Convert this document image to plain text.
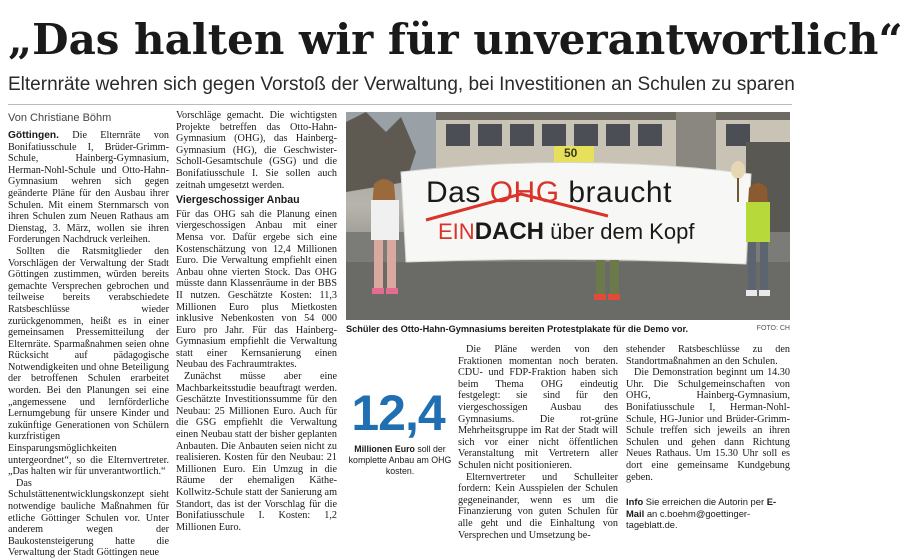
„Das halten wir für unverantwortlich“
Elternräte wehren sich gegen Vorstoß der Verwaltung, bei Investitionen an Schulen zu sparen
Von Christiane Böhm

Göttingen. Die Elternräte von Bonifatiusschule I, Brüder-Grimm-Schule, Hainberg-Gymnasium, Herman-Nohl-Schule und Otto-Hahn-Gymnasium wehren sich gegen geänderte Pläne für den Ausbau ihrer Schulen. Mit einem Sternmarsch von ihren Schulen zum Neuen Rathaus am Dienstag, 3. März, wollen sie ihren Forderungen Nachdruck verleihen.

Sollten die Ratsmitglieder den Vorschlägen der Verwaltung der Stadt Göttingen zustimmen, würden bereits gemachte Versprechen gebrochen und teilweise bereits verabschiedete Ratsbeschlüsse wieder zurückgenommen, heißt es in einer gemeinsamen Pressemitteilung der Elternräte. Sparmaßnahmen seien ohne Rücksicht auf pädagogische Notwendigkeiten und ohne Beteiligung der betroffenen Schulen erarbeitet worden. Bei den Planungen sei eine „angemessene und lernförderliche Lernumgebung für unsere Kinder und zukünftige Generationen von Schülern kurzfristigen Einsparungsmöglichkeiten untergeordnet“, so die Elternvertreter. „Das halten wir für unverantwortlich.“

Das Schulstättenentwicklungskonzept sieht notwendige bauliche Maßnahmen für etliche Göttinger Schulen vor. Unter anderem wegen der Baukostensteigerung hatte die Verwaltung der Stadt Göttingen neue

Vorschläge gemacht. Die wichtigsten Projekte betreffen das Otto-Hahn-Gymnasium (OHG), das Hainberg-Gymnasium (HG), die Geschwister-Scholl-Gesamtschule (GSG) und die Bonifatiusschule I. Sie sollen auch zeitnah umgesetzt werden.

Viergeschossiger Anbau

Für das OHG sah die Planung einen viergeschossigen Anbau mit einer Mensa vor. Dafür ergebe sich eine Kostenschätzung von 12,4 Millionen Euro. Die Verwaltung empfiehlt einen Anbau ohne vierten Stock. Das OHG müsste dann Klassenräume in der BBS II nutzen. Geschätzte Kosten: 11,3 Millionen Euro plus Mietkosten inklusive Nebenkosten von 54 000 Euro pro Jahr. Für das Hainberg-Gymnasium empfiehlt die Verwaltung statt einer Kernsanierung einen Neubau des Fachraumtraktes.

Zunächst müsse aber eine Machbarkeitsstudie beauftragt werden. Geschätzte Investitionssumme für den Neubau: 25 Millionen Euro. Auch für die GSG empfiehlt die Verwaltung einen Neubau statt der bisher geplanten Anbauten. Die Anbauten seien nicht zu realisieren. Kosten für den Neubau: 21 Millionen Euro. Ein Umzug in die Räume der ehemaligen Käthe-Kollwitz-Schule statt der Sanierung am Standort, das ist der Vorschlag für die Bonifatiusschule I. Kosten: 1,2 Millionen Euro.

Das OHG braucht
EINDACH über dem Kopf
50
Schüler des Otto-Hahn-Gymnasiums bereiten Protestplakate für die Demo vor.	FOTO: CH
12,4
Millionen Euro soll der komplette Anbau am OHG kosten.

Die Pläne werden von den Fraktionen momentan noch beraten. CDU- und FDP-Fraktion haben sich beim Thema OHG eindeutig festgelegt: sie sind für den viergeschossigen Ausbau des Gymnasiums. Die rot-grüne Mehrheitsgruppe im Rat der Stadt will sich vor einer nicht öffentlichen Veranstaltung mit Vertretern aller Schulen nicht positionieren.

Elternvertreter und Schulleiter fordern: Kein Ausspielen der Schulen gegeneinander, wenn es um die Finanzierung von guten Schulen für alle geht und die Einhaltung von Versprechen und Umsetzung be-

stehender Ratsbeschlüsse zu den Standortmaßnahmen an den Schulen.

Die Demonstration beginnt um 14.30 Uhr. Die Schulgemeinschaften von OHG, Hainberg-Gymnasium, Bonifatiusschule I, Herman-Nohl-Schule, HG-Junior und Brüder-Grimm-Schule treffen sich jeweils an ihren Schulen und gehen dann Richtung Neues Rathaus. Um 15.30 Uhr soll es dort eine gemeinsame Kundgebung geben.

Info Sie erreichen die Autorin per E-Mail an c.boehm@goettinger-tageblatt.de.
